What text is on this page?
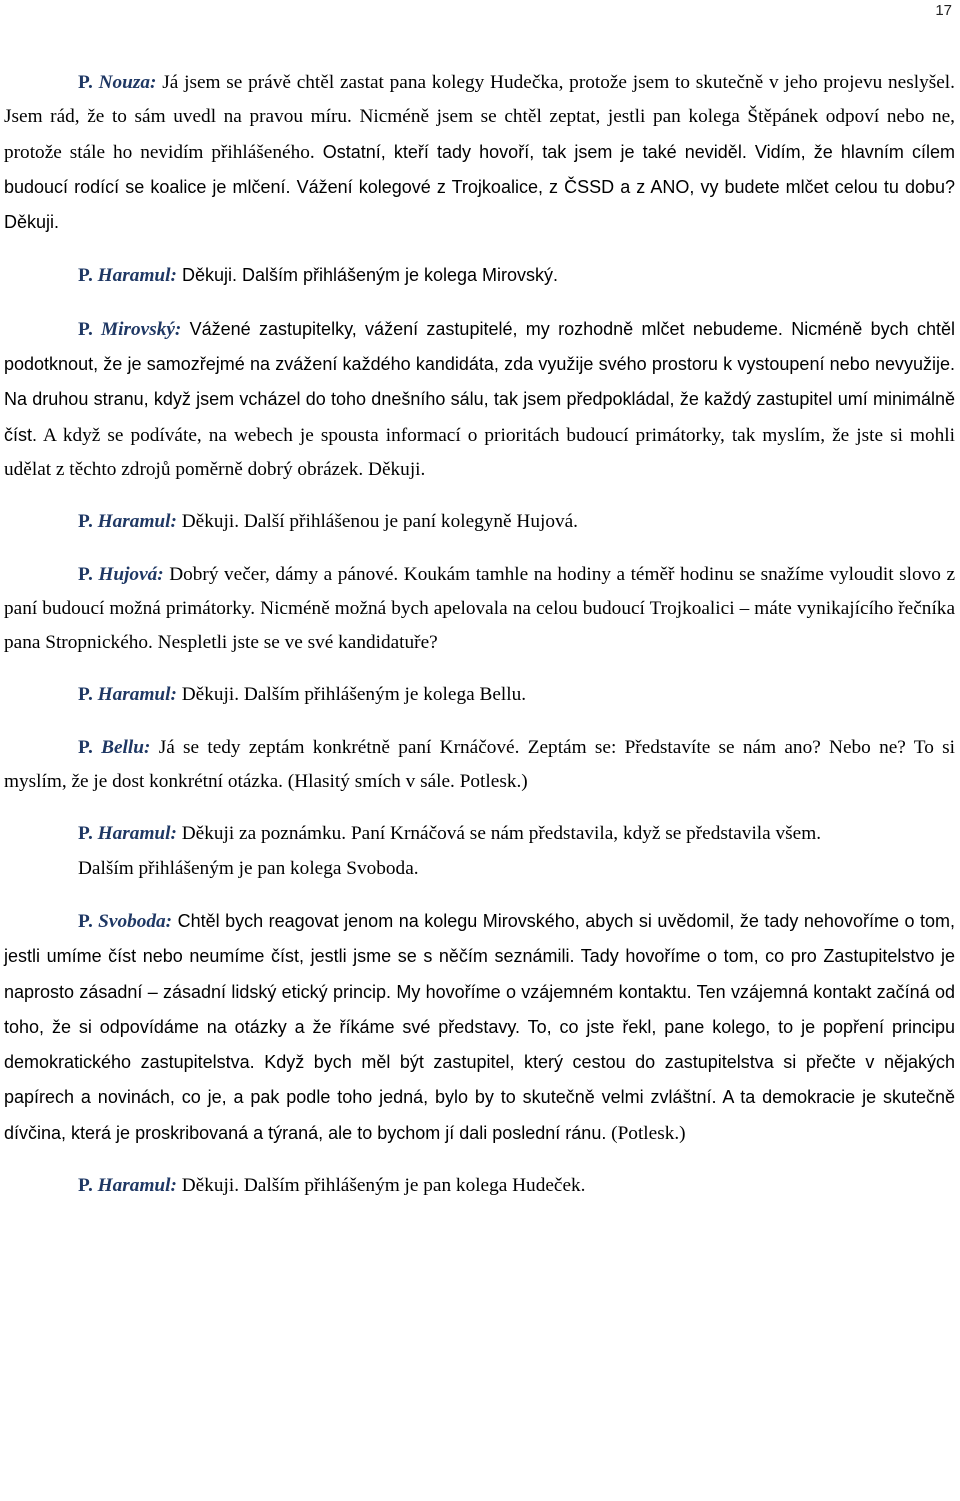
17

P. Nouza: Já jsem se právě chtěl zastat pana kolegy Hudečka, protože jsem to skutečně v jeho projevu neslyšel. Jsem rád, že to sám uvedl na pravou míru. Nicméně jsem se chtěl zeptat, jestli pan kolega Štěpánek odpoví nebo ne, protože stále ho nevidím přihlášeného. Ostatní, kteří tady hovoří, tak jsem je také neviděl. Vidím, že hlavním cílem budoucí rodící se koalice je mlčení. Vážení kolegové z Trojkoalice, z ČSSD a z ANO, vy budete mlčet celou tu dobu? Děkuji.

P. Haramul: Děkuji. Dalším přihlášeným je kolega Mirovský.

P. Mirovský: Vážené zastupitelky, vážení zastupitelé, my rozhodně mlčet nebudeme. Nicméně bych chtěl podotknout, že je samozřejmé na zvážení každého kandidáta, zda využije svého prostoru k vystoupení nebo nevyužije. Na druhou stranu, když jsem vcházel do toho dnešního sálu, tak jsem předpokládal, že každý zastupitel umí minimálně číst. A když se podíváte, na webech je spousta informací o prioritách budoucí primátorky, tak myslím, že jste si mohli udělat z těchto zdrojů poměrně dobrý obrázek. Děkuji.

P. Haramul: Děkuji. Další přihlášenou je paní kolegyně Hujová.

P. Hujová: Dobrý večer, dámy a pánové. Koukám tamhle na hodiny a téměř hodinu se snažíme vyloudit slovo z paní budoucí možná primátorky. Nicméně možná bych apelovala na celou budoucí Trojkoalici – máte vynikajícího řečníka pana Stropnického. Nespletli jste se ve své kandidatuře?

P. Haramul: Děkuji. Dalším přihlášeným je kolega Bellu.

P. Bellu: Já se tedy zeptám konkrétně paní Krnáčové. Zeptám se: Představíte se nám ano? Nebo ne? To si myslím, že je dost konkrétní otázka. (Hlasitý smích v sále. Potlesk.)

P. Haramul: Děkuji za poznámku. Paní Krnáčová se nám představila, když se představila všem.

Dalším přihlášeným je pan kolega Svoboda.

P. Svoboda: Chtěl bych reagovat jenom na kolegu Mirovského, abych si uvědomil, že tady nehovoříme o tom, jestli umíme číst nebo neumíme číst, jestli jsme se s něčím seznámili. Tady hovoříme o tom, co pro Zastupitelstvo je naprosto zásadní – zásadní lidský etický princip. My hovoříme o vzájemném kontaktu. Ten vzájemná kontakt začíná od toho, že si odpovídáme na otázky a že říkáme své představy. To, co jste řekl, pane kolego, to je popření principu demokratického zastupitelstva. Když bych měl být zastupitel, který cestou do zastupitelstva si přečte v nějakých papírech a novinách, co je, a pak podle toho jedná, bylo by to skutečně velmi zvláštní. A ta demokracie je skutečně dívčina, která je proskribovaná a týraná, ale to bychom jí dali poslední ránu. (Potlesk.)

P. Haramul: Děkuji. Dalším přihlášeným je pan kolega Hudeček.
